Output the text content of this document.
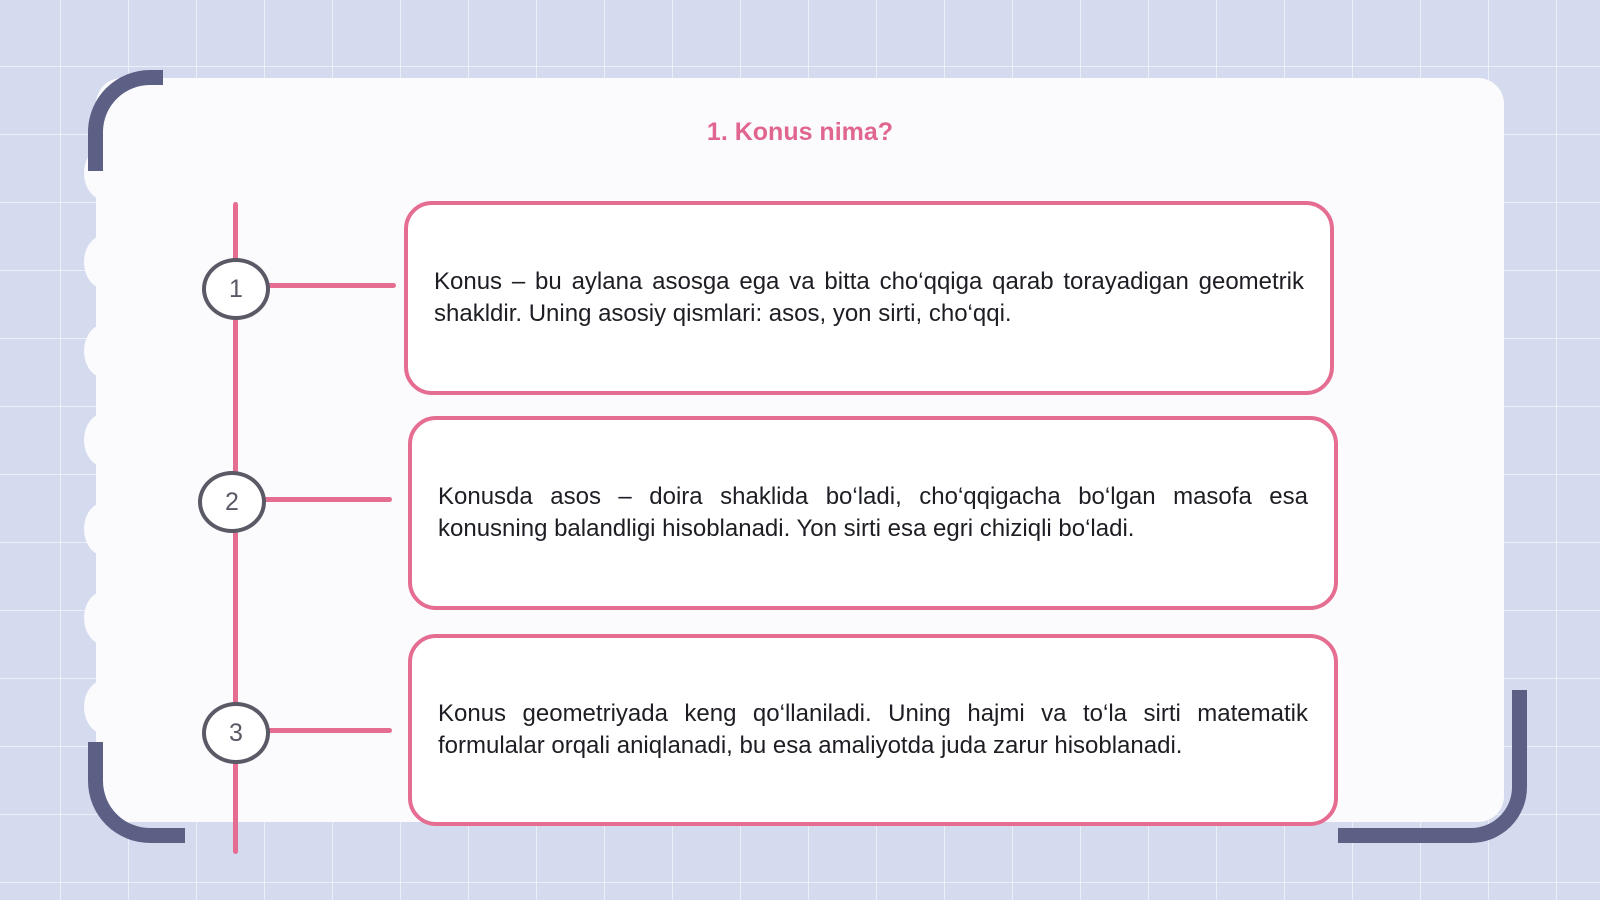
1. Konus nima?
1	Konus – bu aylana asosga ega va bitta cho‘qqiga qarab torayadigan geometrik shakldir. Uning asosiy qismlari: asos, yon sirti, cho‘qqi.
2	Konusda asos – doira shaklida bo‘ladi, cho‘qqigacha bo‘lgan masofa esa konusning balandligi hisoblanadi. Yon sirti esa egri chiziqli bo‘ladi.
3
Konus geometriyada keng qo‘llaniladi. Uning hajmi va to‘la sirti matematik formulalar orqali aniqlanadi, bu esa amaliyotda juda zarur hisoblanadi.
